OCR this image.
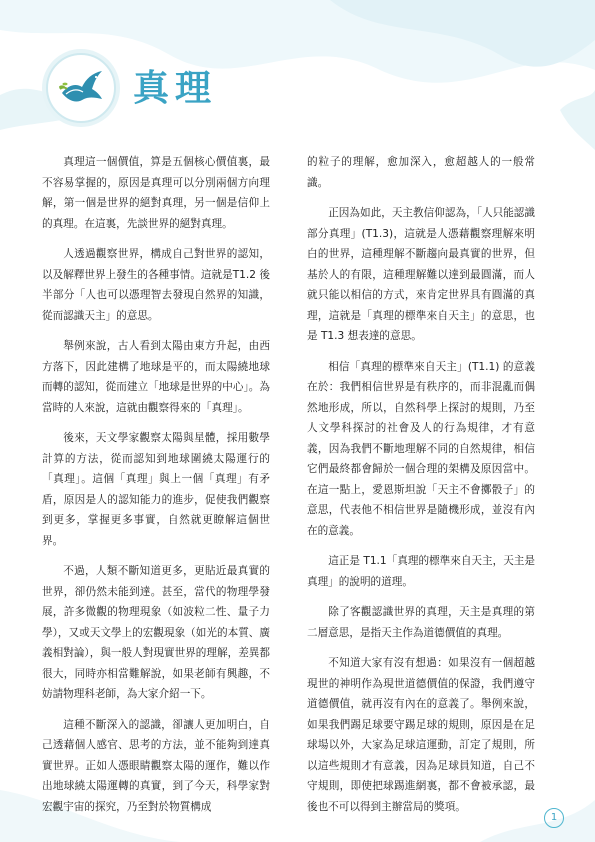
真理

真理這一個價值，算是五個核心價值裏，最不容易掌握的，原因是真理可以分別兩個方向理解，第一個是世界的絕對真理，另一個是信仰上的真理。在這裏，先談世界的絕對真理。

人透過觀察世界，構成自己對世界的認知，以及解釋世界上發生的各種事情。這就是T1.2 後半部分「人也可以憑理智去發現自然界的知識，從而認識天主」的意思。

舉例來說，古人看到太陽由東方升起，由西方落下，因此建構了地球是平的，而太陽繞地球而轉的認知，從而建立「地球是世界的中心」。為當時的人來說，這就由觀察得來的「真理」。

後來，天文學家觀察太陽與星體，採用數學計算的方法，從而認知到地球圍繞太陽運行的「真理」。這個「真理」與上一個「真理」有矛盾，原因是人的認知能力的進步，促使我們觀察到更多，掌握更多事實，自然就更瞭解這個世界。

不過，人類不斷知道更多，更貼近最真實的世界，卻仍然未能到達。甚至，當代的物理學發展，許多微觀的物理現象（如波粒二性、量子力學），又或天文學上的宏觀現象（如光的本質、廣義相對論），與一般人對現實世界的理解，差異都很大，同時亦相當難解說，如果老師有興趣，不妨請物理科老師，為大家介紹一下。

這種不斷深入的認識，卻讓人更加明白，自己透藉個人感官、思考的方法，並不能夠到達真實世界。正如人憑眼睛觀察太陽的運作，難以作出地球繞太陽運轉的真實，到了今天，科學家對宏觀宇宙的探究，乃至對於物質構成

的粒子的理解，愈加深入，愈超越人的一般常識。

正因為如此，天主教信仰認為，「人只能認識部分真理」(T1.3)，這就是人憑藉觀察理解來明白的世界，這種理解不斷趨向最真實的世界，但基於人的有限，這種理解難以達到最圓滿，而人就只能以相信的方式，來肯定世界具有圓滿的真理，這就是「真理的標準來自天主」的意思，也是 T1.3 想表達的意思。

相信「真理的標準來自天主」(T1.1) 的意義在於：我們相信世界是有秩序的，而非混亂而偶然地形成，所以，自然科學上探討的規則，乃至人文學科探討的社會及人的行為規律，才有意義，因為我們不斷地理解不同的自然規律，相信它們最終都會歸於一個合理的架構及原因當中。在這一點上，愛恩斯坦說「天主不會擲骰子」的意思，代表他不相信世界是隨機形成，並沒有內在的意義。

這正是 T1.1「真理的標準來自天主，天主是真理」的說明的道理。

除了客觀認識世界的真理，天主是真理的第二層意思，是指天主作為道德價值的真理。

不知道大家有沒有想過：如果沒有一個超越現世的神明作為現世道德價值的保證，我們遵守道德價值，就再沒有內在的意義了。舉例來說，如果我們踢足球要守踢足球的規則，原因是在足球場以外，大家為足球這運動，訂定了規則，所以這些規則才有意義，因為足球員知道，自己不守規則，即使把球踢進網裏，都不會被承認，最後也不可以得到主辦當局的獎項。

1
